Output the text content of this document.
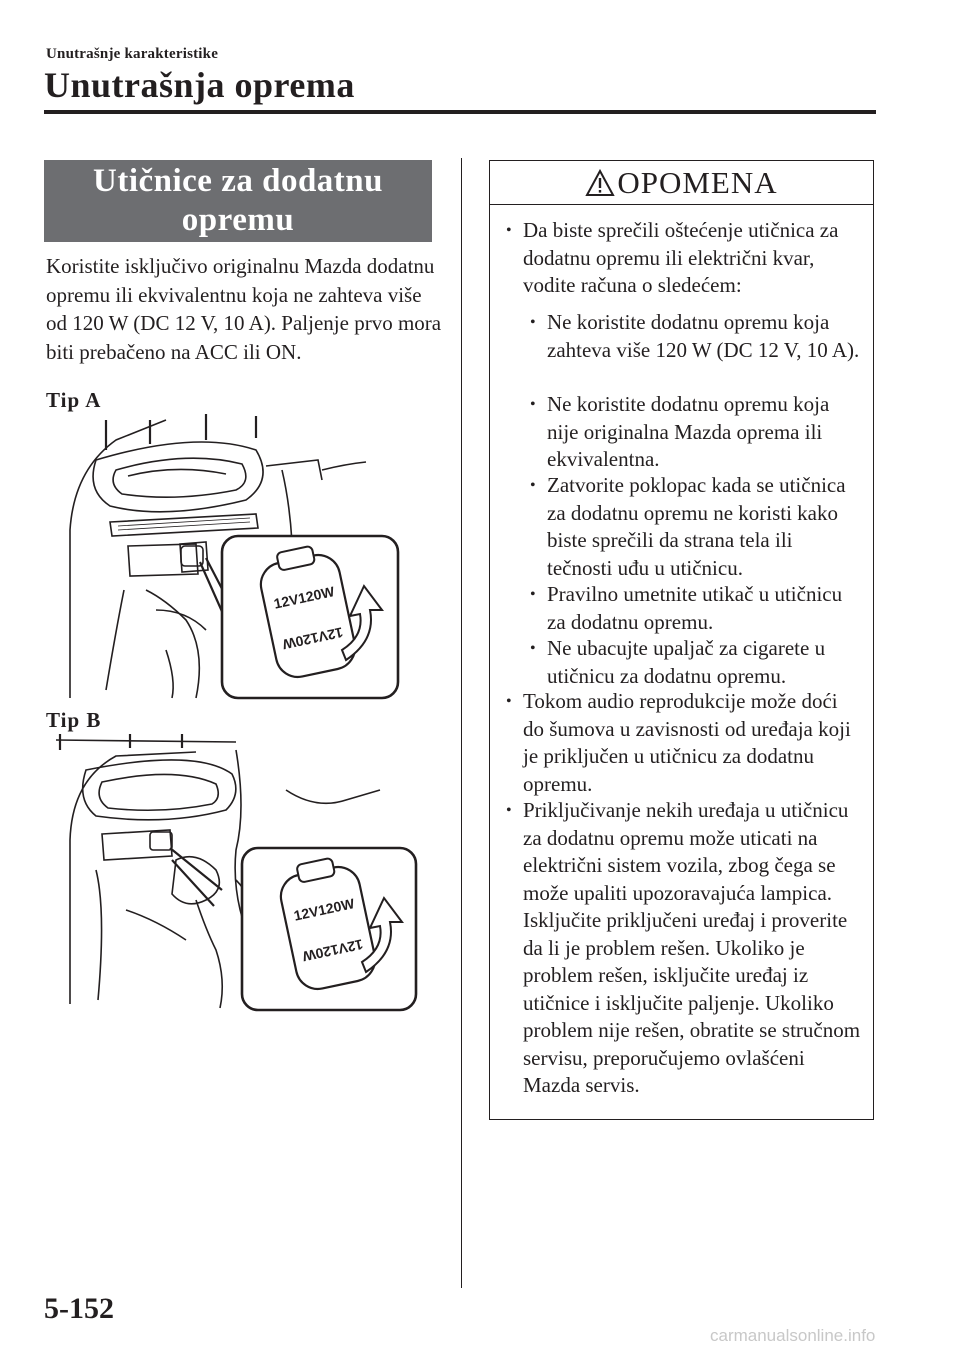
Unutrašnje karakteristike
Unutrašnja oprema
Utičnice za dodatnu opremu
Koristite isključivo originalnu Mazda dodatnu opremu ili ekvivalentnu koja ne zahteva više od 120 W (DC 12 V, 10 A). Paljenje prvo mora biti prebačeno na ACC ili ON.
Tip A
12V120W
12V120W
Tip B
12V120W
12V120W
OPOMENA
• Da biste sprečili oštećenje utičnica za dodatnu opremu ili električni kvar, vodite računa o sledećem:
• Ne koristite dodatnu opremu koja zahteva više 120 W (DC 12 V, 10 A).
• Ne koristite dodatnu opremu koja nije originalna Mazda oprema ili ekvivalentna.
• Zatvorite poklopac kada se utičnica za dodatnu opremu ne koristi kako biste sprečili da strana tela ili tečnosti uđu u utičnicu.
• Pravilno umetnite utikač u utičnicu za dodatnu opremu.
• Ne ubacujte upaljač za cigarete u utičnicu za dodatnu opremu.
• Tokom audio reprodukcije može doći do šumova u zavisnosti od uređaja koji je priključen u utičnicu za dodatnu opremu.
• Priključivanje nekih uređaja u utičnicu za dodatnu opremu može uticati na električni sistem vozila, zbog čega se može upaliti upozoravajuća lampica. Isključite priključeni uređaj i proverite da li je problem rešen. Ukoliko je problem rešen, isključite uređaj iz utičnice i isključite paljenje. Ukoliko problem nije rešen, obratite se stručnom servisu, preporučujemo ovlašćeni Mazda servis.
5-152
carmanualsonline.info
